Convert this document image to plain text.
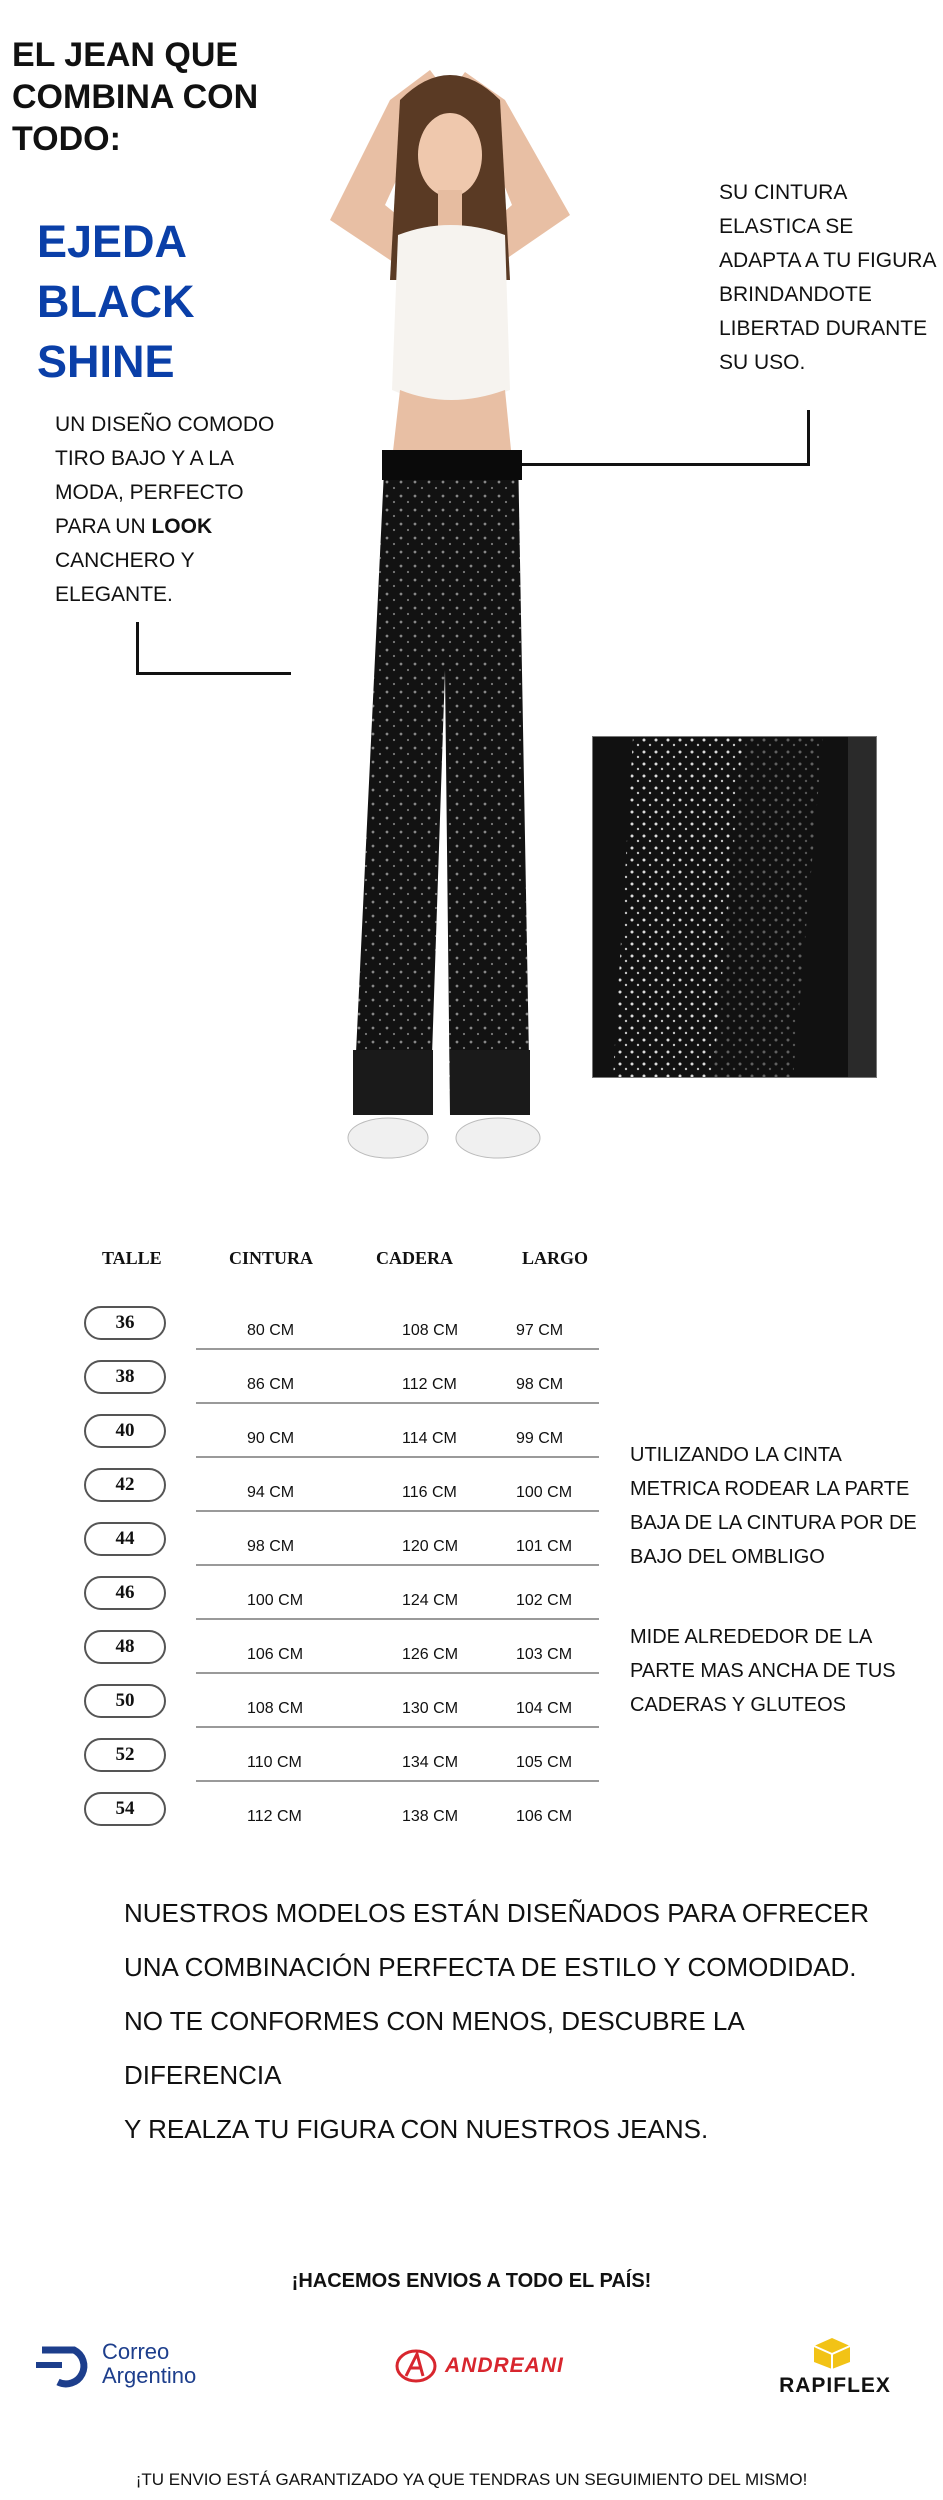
EL JEAN QUE COMBINA CON TODO:
EJEDA
BLACK
SHINE
UN DISEÑO COMODO TIRO BAJO Y A LA MODA, PERFECTO PARA UN LOOK CANCHERO Y ELEGANTE.
SU CINTURA ELASTICA SE ADAPTA A TU FIGURA BRINDANDOTE LIBERTAD DURANTE SU USO.
TALLE	CINTURA	CADERA	LARGO
36	80 CM	108 CM	97 CM
38	86 CM	112 CM	98 CM
40	90 CM	114 CM	99 CM
42	94 CM	116 CM	100 CM
44	98 CM	120 CM	101 CM
46	100 CM	124 CM	102 CM
48	106 CM	126 CM	103 CM
50	108 CM	130 CM	104 CM
52	110 CM	134 CM	105 CM
54	112 CM	138 CM	106 CM
UTILIZANDO LA CINTA METRICA RODEAR LA PARTE BAJA DE LA CINTURA POR DE BAJO DEL OMBLIGO
MIDE ALREDEDOR DE LA PARTE MAS ANCHA DE TUS CADERAS Y GLUTEOS
NUESTROS MODELOS ESTÁN DISEÑADOS PARA OFRECER
UNA COMBINACIÓN PERFECTA DE ESTILO Y COMODIDAD.
NO TE CONFORMES CON MENOS, DESCUBRE LA DIFERENCIA
Y REALZA TU FIGURA CON NUESTROS JEANS.
¡HACEMOS ENVIOS A TODO EL PAÍS!
Correo
Argentino	ANDREANI
RAPIFLEX
¡TU ENVIO ESTÁ GARANTIZADO YA QUE TENDRAS UN SEGUIMIENTO DEL MISMO!
